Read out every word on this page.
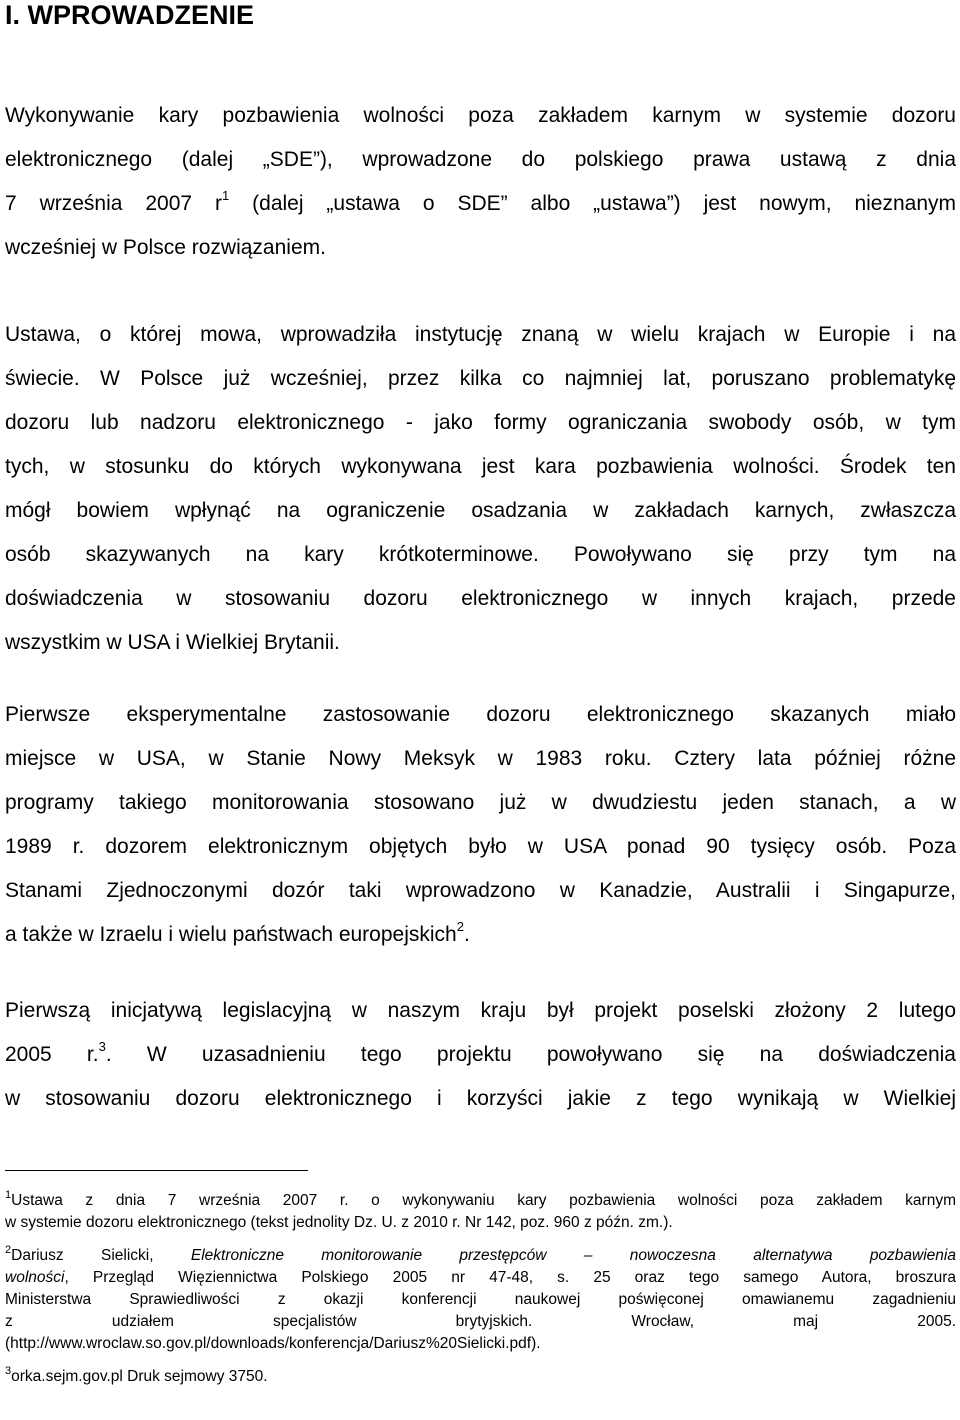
I. WPROWADZENIE
Wykonywanie kary pozbawienia wolności poza zakładem karnym w systemie dozoru
elektronicznego (dalej „SDE”), wprowadzone do polskiego prawa ustawą z dnia
7 września 2007 $r^1$ (dalej „ustawa o SDE” albo „ustawa”) jest nowym, nieznanym
wcześniej w Polsce rozwiązaniem.
Ustawa, o której mowa, wprowadziła instytucję znaną w wielu krajach w Europie i na
świecie. W Polsce już wcześniej, przez kilka co najmniej lat, poruszano problematykę
dozoru lub nadzoru elektronicznego - jako formy ograniczania swobody osób, w tym
tych, w stosunku do których wykonywana jest kara pozbawienia wolności. Środek ten
mógł bowiem wpłynąć na ograniczenie osadzania w zakładach karnych, zwłaszcza
osób skazywanych na kary krótkoterminowe. Powoływano się przy tym na
doświadczenia w stosowaniu dozoru elektronicznego w innych krajach, przede
wszystkim w USA i Wielkiej Brytanii.
Pierwsze eksperymentalne zastosowanie dozoru elektronicznego skazanych miało
miejsce w USA, w Stanie Nowy Meksyk w 1983 roku. Cztery lata później różne
programy takiego monitorowania stosowano już w dwudziestu jeden stanach, a w
1989 r. dozorem elektronicznym objętych było w USA ponad 90 tysięcy osób. Poza
Stanami Zjednoczonymi dozór taki wprowadzono w Kanadzie, Australii i Singapurze,
a także w Izraelu i wielu państwach europejskich$^2$.
Pierwszą inicjatywą legislacyjną w naszym kraju był projekt poselski złożony 2 lutego
2005 r.$^3$. W uzasadnieniu tego projektu powoływano się na doświadczenia
w stosowaniu dozoru elektronicznego i korzyści jakie z tego wynikają w Wielkiej
$^1$Ustawa z dnia 7 września 2007 r. o wykonywaniu kary pozbawienia wolności poza zakładem karnym
w systemie dozoru elektronicznego (tekst jednolity Dz. U. z 2010 r. Nr 142, poz. 960 z późn. zm.).
$^2$Dariusz Sielicki, Elektroniczne monitorowanie przestępców – nowoczesna alternatywa pozbawienia
wolności, Przegląd Więziennictwa Polskiego 2005 nr 47-48, s. 25 oraz tego samego Autora, broszura
Ministerstwa Sprawiedliwości z okazji konferencji naukowej poświęconej omawianemu zagadnieniu
z udziałem specjalistów brytyjskich. Wrocław, maj 2005.
(http://www.wroclaw.so.gov.pl/downloads/konferencja/Dariusz%20Sielicki.pdf).
$^3$orka.sejm.gov.pl Druk sejmowy 3750.
